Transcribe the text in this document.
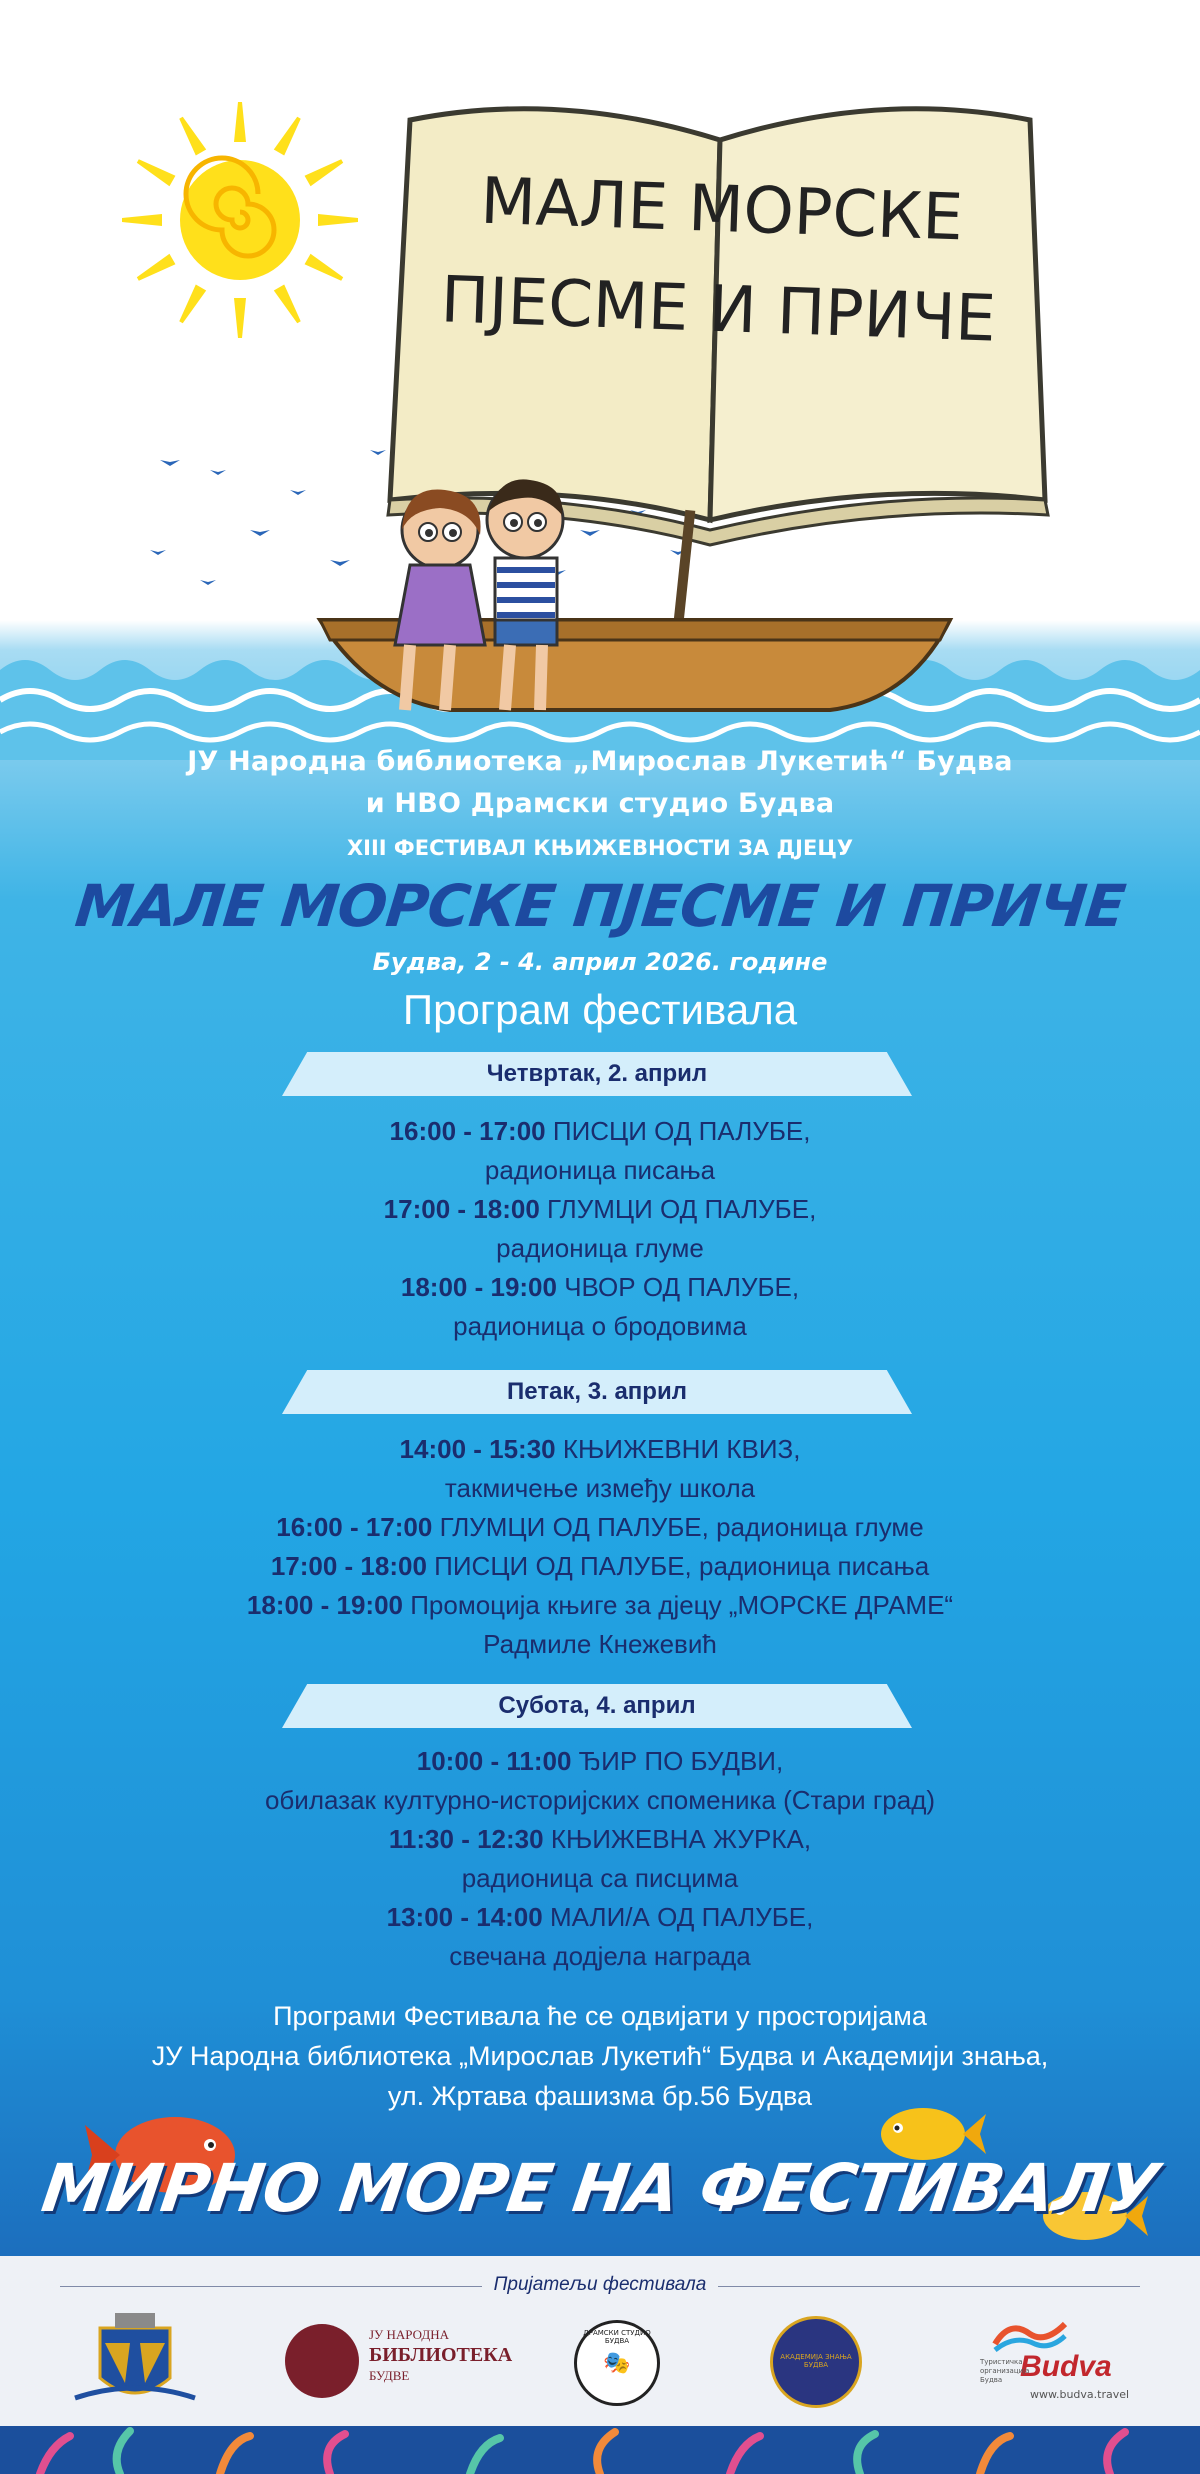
МАЛЕ МОРСКЕ
ПЈЕСМЕ И ПРИЧЕ
ЈУ Народна библиотека „Мирослав Лукетић“ Будва
и НВО Драмски студио Будва
XIII ФЕСТИВАЛ КЊИЖЕВНОСТИ ЗА ДЈЕЦУ
МАЛЕ МОРСКЕ ПЈЕСМЕ И ПРИЧЕ
Будва, 2 - 4. април 2026. године
Програм фестивала
Четвртак, 2. април
16:00 - 17:00 ПИСЦИ ОД ПАЛУБЕ,
радионица писања
17:00 - 18:00 ГЛУМЦИ ОД ПАЛУБЕ,
радионица глуме
18:00 - 19:00 ЧВОР ОД ПАЛУБЕ,
радионица о бродовима
Петак, 3. април
14:00 - 15:30 КЊИЖЕВНИ КВИЗ,
такмичење између школа
16:00 - 17:00 ГЛУМЦИ ОД ПАЛУБЕ, радионица глуме
17:00 - 18:00 ПИСЦИ ОД ПАЛУБЕ, радионица писања
18:00 - 19:00 Промоција књиге за дјецу „МОРСКЕ ДРАМЕ“
Радмиле Кнежевић
Субота, 4. април
10:00 - 11:00 ЂИР ПО БУДВИ,
обилазак културно-историјских споменика (Стари град)
11:30 - 12:30 КЊИЖЕВНА ЖУРКА,
радионица са писцима
13:00 - 14:00 МАЛИ/А ОД ПАЛУБЕ,
свечана додјела награда
Програми Фестивала ће се одвијати у просторијама
ЈУ Народна библиотека „Мирослав Лукетић“ Будва и Академији знања,
ул. Жртава фашизма бр.56 Будва
МИРНО МОРЕ НА ФЕСТИВАЛУ
Пријатељи фестивала
ЈУ НАРОДНА
БИБЛИОТЕКА
БУДВЕ	🎭
ДРАМСКИ СТУДИО БУДВА
АКАДЕМИЈА ЗНАЊА БУДВА	Budva
Туристичка организација Будва
www.budva.travel
